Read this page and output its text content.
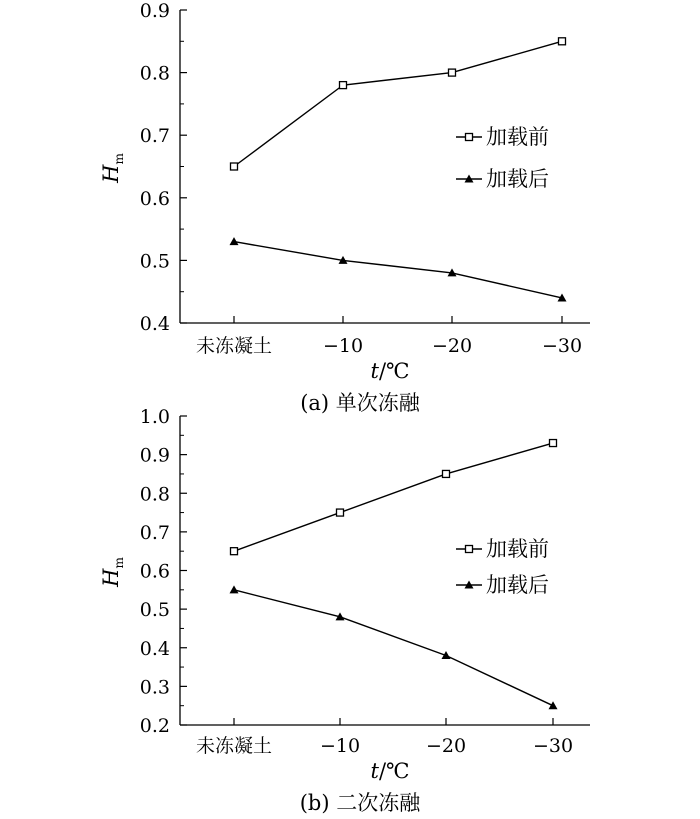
0.4
0.5
0.6
0.7
0.8
0.9
未冻凝土	−10	−20	−30
t/℃
$H_m$
加载前
加载后
(a) 单次冻融
0.2
0.3
0.4
0.5
0.6
0.7
0.8
0.9
1.0
未冻凝土	−10	−20	−30
t/℃
$H_m$
加载前
加载后
(b) 二次冻融
